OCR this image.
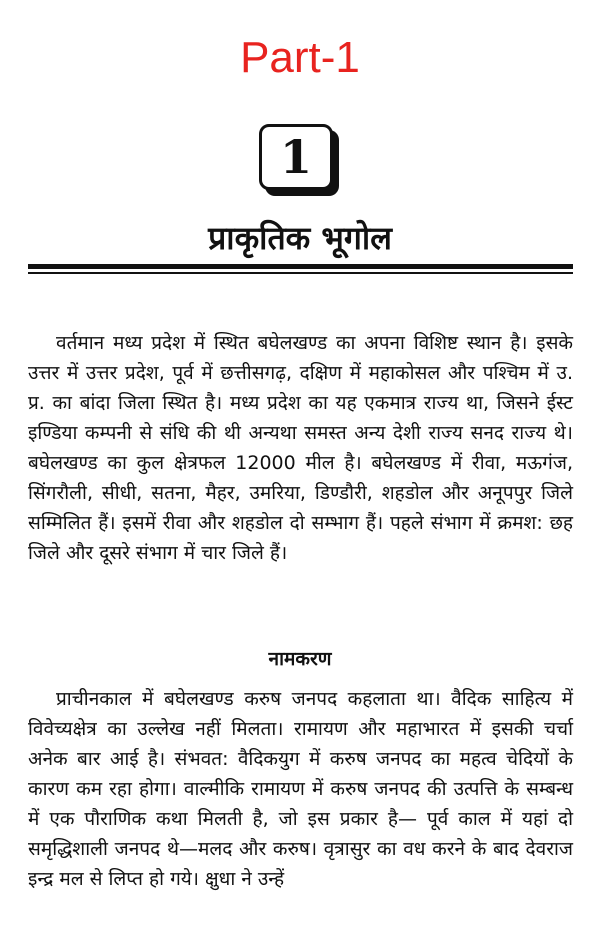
Part-1
1
प्राकृतिक भूगोल

वर्तमान मध्य प्रदेश में स्थित बघेलखण्ड का अपना विशिष्ट स्थान है। इसके उत्तर में उत्तर प्रदेश, पूर्व में छत्तीसगढ़, दक्षिण में महाकोसल और पश्चिम में उ. प्र. का बांदा जिला स्थित है। मध्य प्रदेश का यह एकमात्र राज्य था, जिसने ईस्ट इण्डिया कम्पनी से संधि की थी अन्यथा समस्त अन्य देशी राज्य सनद राज्य थे। बघेलखण्ड का कुल क्षेत्रफल 12000 मील है। बघेलखण्ड में रीवा, मऊगंज, सिंगरौली, सीधी, सतना, मैहर, उमरिया, डिण्डौरी, शहडोल और अनूपपुर जिले सम्मिलित हैं। इसमें रीवा और शहडोल दो सम्भाग हैं। पहले संभाग में क्रमश: छह जिले और दूसरे संभाग में चार जिले हैं।

नामकरण

प्राचीनकाल में बघेलखण्ड करुष जनपद कहलाता था। वैदिक साहित्य में विवेच्यक्षेत्र का उल्लेख नहीं मिलता। रामायण और महाभारत में इसकी चर्चा अनेक बार आई है। संभवत: वैदिकयुग में करुष जनपद का महत्व चेदियों के कारण कम रहा होगा। वाल्मीकि रामायण में करुष जनपद की उत्पत्ति के सम्बन्ध में एक पौराणिक कथा मिलती है, जो इस प्रकार है— पूर्व काल में यहां दो समृद्धिशाली जनपद थे—मलद और करुष। वृत्रासुर का वध करने के बाद देवराज इन्द्र मल से लिप्त हो गये। क्षुधा ने उन्हें
